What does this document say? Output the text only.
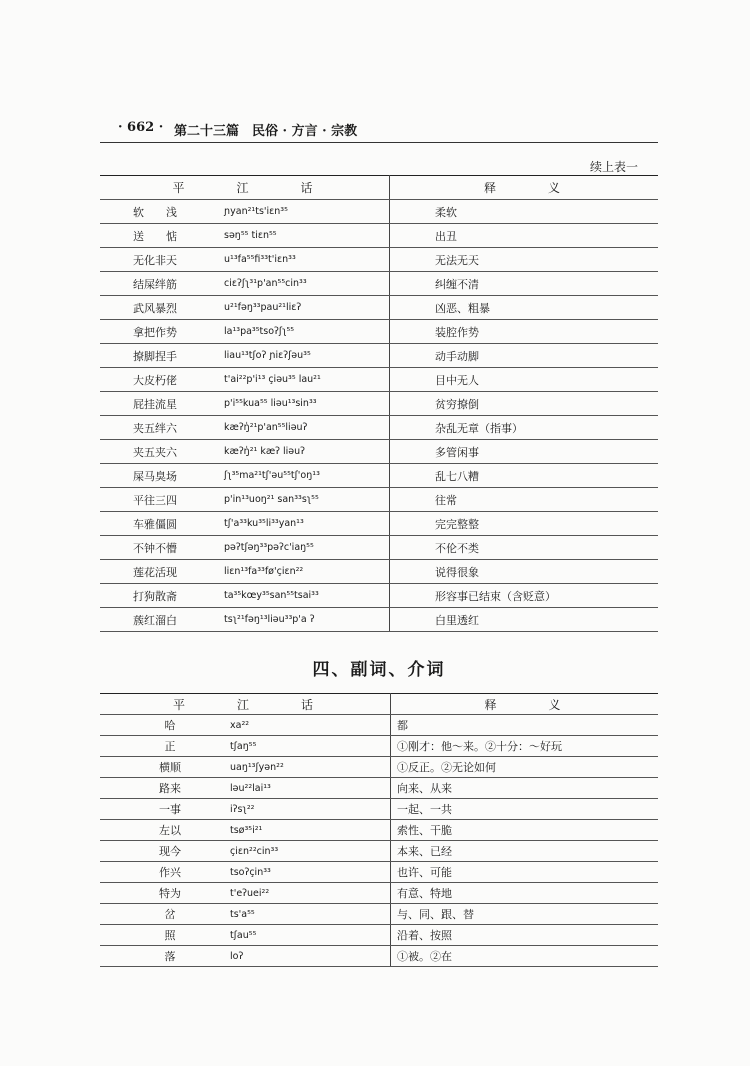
· 662 · 第二十三篇　民俗 · 方言 · 宗教
续上表一
平　　　江　　　话		释　　　义
软　　浅	ɲyan²¹ts'iɛn³⁵	柔软
送　　惦	səŋ⁵⁵ tiɛn⁵⁵	出丑
无化非天	u¹³fa⁵⁵fi³³t'iɛn³³	无法无天
结屎绊筋	ciɛʔʃʅ³¹p'an⁵⁵cin³³	纠缠不清
武风暴烈	u²¹fəŋ³³pau²¹liɛʔ	凶恶、粗暴
拿把作势	la¹³pa³⁵tsoʔʃʅ⁵⁵	装腔作势
撩脚捏手	liau¹³tʃoʔ ɲiɛʔʃəu³⁵	动手动脚
大皮朽佬	t'ai²²p'i¹³ çiəu³⁵ lau²¹	目中无人
屁挂流星	p'i⁵⁵kua⁵⁵ liəu¹³sin³³	贫穷撩倒
夹五绊六	kæʔŋ̍²¹p'an⁵⁵liəuʔ	杂乱无章（指事）
夹五夹六	kæʔŋ̍²¹ kæʔ liəuʔ	多管闲事
屎马臭场	ʃʅ³⁵ma²¹tʃ'əu⁵⁵tʃ'oŋ¹³	乱七八糟
平往三四	p'in¹³uoŋ²¹ san³³sʅ⁵⁵	往常
车雅僵圆	tʃ'a³³ku³⁵li³³yan¹³	完完整整
不钟不懵	pəʔtʃəŋ³³pəʔc'iaŋ⁵⁵	不伦不类
莲花活现	liɛn¹³fa³³fø'çiɛn²²	说得很象
打狗散斋	ta³⁵kœy³⁵san⁵⁵tsai³³	形容事已结束（含贬意）
蔟红溜白	tsʅ²¹fəŋ¹³liəu³³p'a ʔ	白里透红
四、副词、介词
平　　　江　　　话		释　　　义
哈	xa²²	都
正	tʃaŋ⁵⁵	①刚才：他～来。②十分：～好玩
横顺	uaŋ¹³ʃyən²²	①反正。②无论如何
路来	ləu²²lai¹³	向来、从来
一事	iʔsʅ²²	一起、一共
左以	tsø³⁵i²¹	索性、干脆
现今	çiɛn²²cin³³	本来、已经
作兴	tsoʔçin³³	也许、可能
特为	t'eʔuei²²	有意、特地
岔	ts'a⁵⁵	与、同、跟、替
照	tʃau⁵⁵	沿着、按照
落	loʔ	①被。②在
